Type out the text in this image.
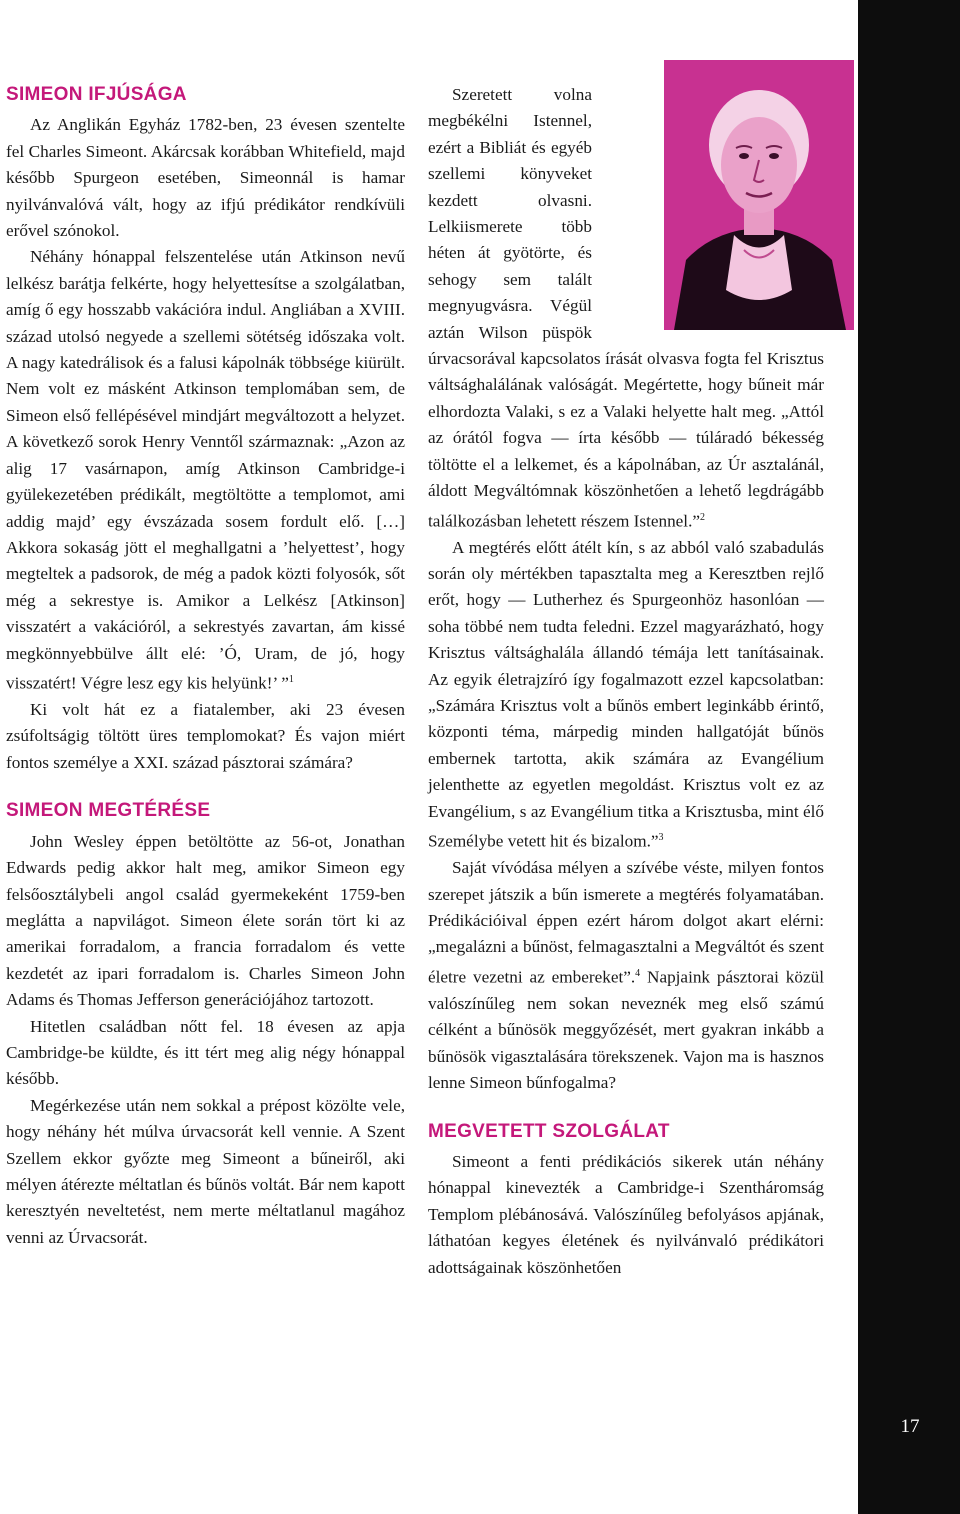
17
SIMEON IFJÚSÁGA

Az Anglikán Egyház 1782-ben, 23 évesen szentelte fel Charles Simeont. Akárcsak korábban Whitefield, majd később Spurgeon esetében, Simeonnál is hamar nyilvánvalóvá vált, hogy az ifjú prédikátor rendkívüli erővel szónokol.

Néhány hónappal felszentelése után Atkinson nevű lelkész barátja felkérte, hogy helyettesítse a szolgálatban, amíg ő egy hosszabb vakációra indul. Angliában a XVIII. század utolsó negyede a szellemi sötétség időszaka volt. A nagy katedrálisok és a falusi kápolnák többsége kiürült. Nem volt ez másként Atkinson templomában sem, de Simeon első fellépésével mindjárt megváltozott a helyzet. A következő sorok Henry Venntől származnak: „Azon az alig 17 vasárnapon, amíg Atkinson Cambridge-i gyülekezetében prédikált, megtöltötte a templomot, ami addig majd’ egy évszázada sosem fordult elő. […] Akkora sokaság jött el meghallgatni a ’helyettest’, hogy megteltek a padsorok, de még a padok közti folyosók, sőt még a sekrestye is. Amikor a Lelkész [Atkinson] visszatért a vakációról, a sekrestyés zavartan, ám kissé megkönnyebbülve állt elé: ’Ó, Uram, de jó, hogy visszatért! Végre lesz egy kis helyünk!’ ”$^1$

Ki volt hát ez a fiatalember, aki 23 évesen zsúfoltságig töltött üres templomokat? És vajon miért fontos személye a XXI. század pásztorai számára?

SIMEON MEGTÉRÉSE

John Wesley éppen betöltötte az 56-ot, Jonathan Edwards pedig akkor halt meg, amikor Simeon egy felsőosztálybeli angol család gyermekeként 1759-ben meglátta a napvilágot. Simeon élete során tört ki az amerikai forradalom, a francia forradalom és vette kezdetét az ipari forradalom is. Charles Simeon John Adams és Thomas Jefferson generációjához tartozott.

Hitetlen családban nőtt fel. 18 évesen az apja Cambridge-be küldte, és itt tért meg alig négy hónappal később.

Megérkezése után nem sokkal a prépost közölte vele, hogy néhány hét múlva úrvacsorát kell vennie. A Szent Szellem ekkor győzte meg Simeont a bűneiről, aki mélyen átérezte méltatlan és bűnös voltát. Bár nem kapott keresztyén neveltetést, nem merte méltatlanul magához venni az Úrvacsorát.

Szeretett volna megbékélni Istennel, ezért a Bibliát és egyéb szellemi könyveket kezdett olvasni. Lelkiismerete több héten át gyötörte, és sehogy sem talált megnyugvásra. Végül aztán Wilson püspök úrvacsorával kapcsolatos írását olvasva fogta fel Krisztus váltsághalálának valóságát. Megértette, hogy bűneit már elhordozta Valaki, s ez a Valaki helyette halt meg. „Attól az órától fogva — írta később — túláradó békesség töltötte el a lelkemet, és a kápolnában, az Úr asztalánál, áldott Megváltómnak köszönhetően a lehető legdrágább találkozásban lehetett részem Istennel.”$^2$

A megtérés előtt átélt kín, s az abból való szabadulás során oly mértékben tapasztalta meg a Keresztben rejlő erőt, hogy — Lutherhez és Spurgeonhöz hasonlóan — soha többé nem tudta feledni. Ezzel magyarázható, hogy Krisztus váltsághalála állandó témája lett tanításainak. Az egyik életrajzíró így fogalmazott ezzel kapcsolatban: „Számára Krisztus volt a bűnös embert leginkább érintő, központi téma, márpedig minden hallgatóját bűnös embernek tartotta, akik számára az Evangélium jelenthette az egyetlen megoldást. Krisztus volt ez az Evangélium, s az Evangélium titka a Krisztusba, mint élő Személybe vetett hit és bizalom.”$^3$

Saját vívódása mélyen a szívébe véste, milyen fontos szerepet játszik a bűn ismerete a megtérés folyamatában. Prédikációival éppen ezért három dolgot akart elérni: „megalázni a bűnöst, felmagasztalni a Megváltót és szent életre vezetni az embereket”.$^4$ Napjaink pásztorai közül valószínűleg nem sokan neveznék meg első számú célként a bűnösök meggyőzését, mert gyakran inkább a bűnösök vigasztalására törekszenek. Vajon ma is hasznos lenne Simeon bűnfogalma?

MEGVETETT SZOLGÁLAT

Simeont a fenti prédikációs sikerek után néhány hónappal kinevezték a Cambridge-i Szentháromság Templom plébánosává. Valószínűleg befolyásos apjának, láthatóan kegyes életének és nyilvánvaló prédikátori adottságainak köszönhetően
